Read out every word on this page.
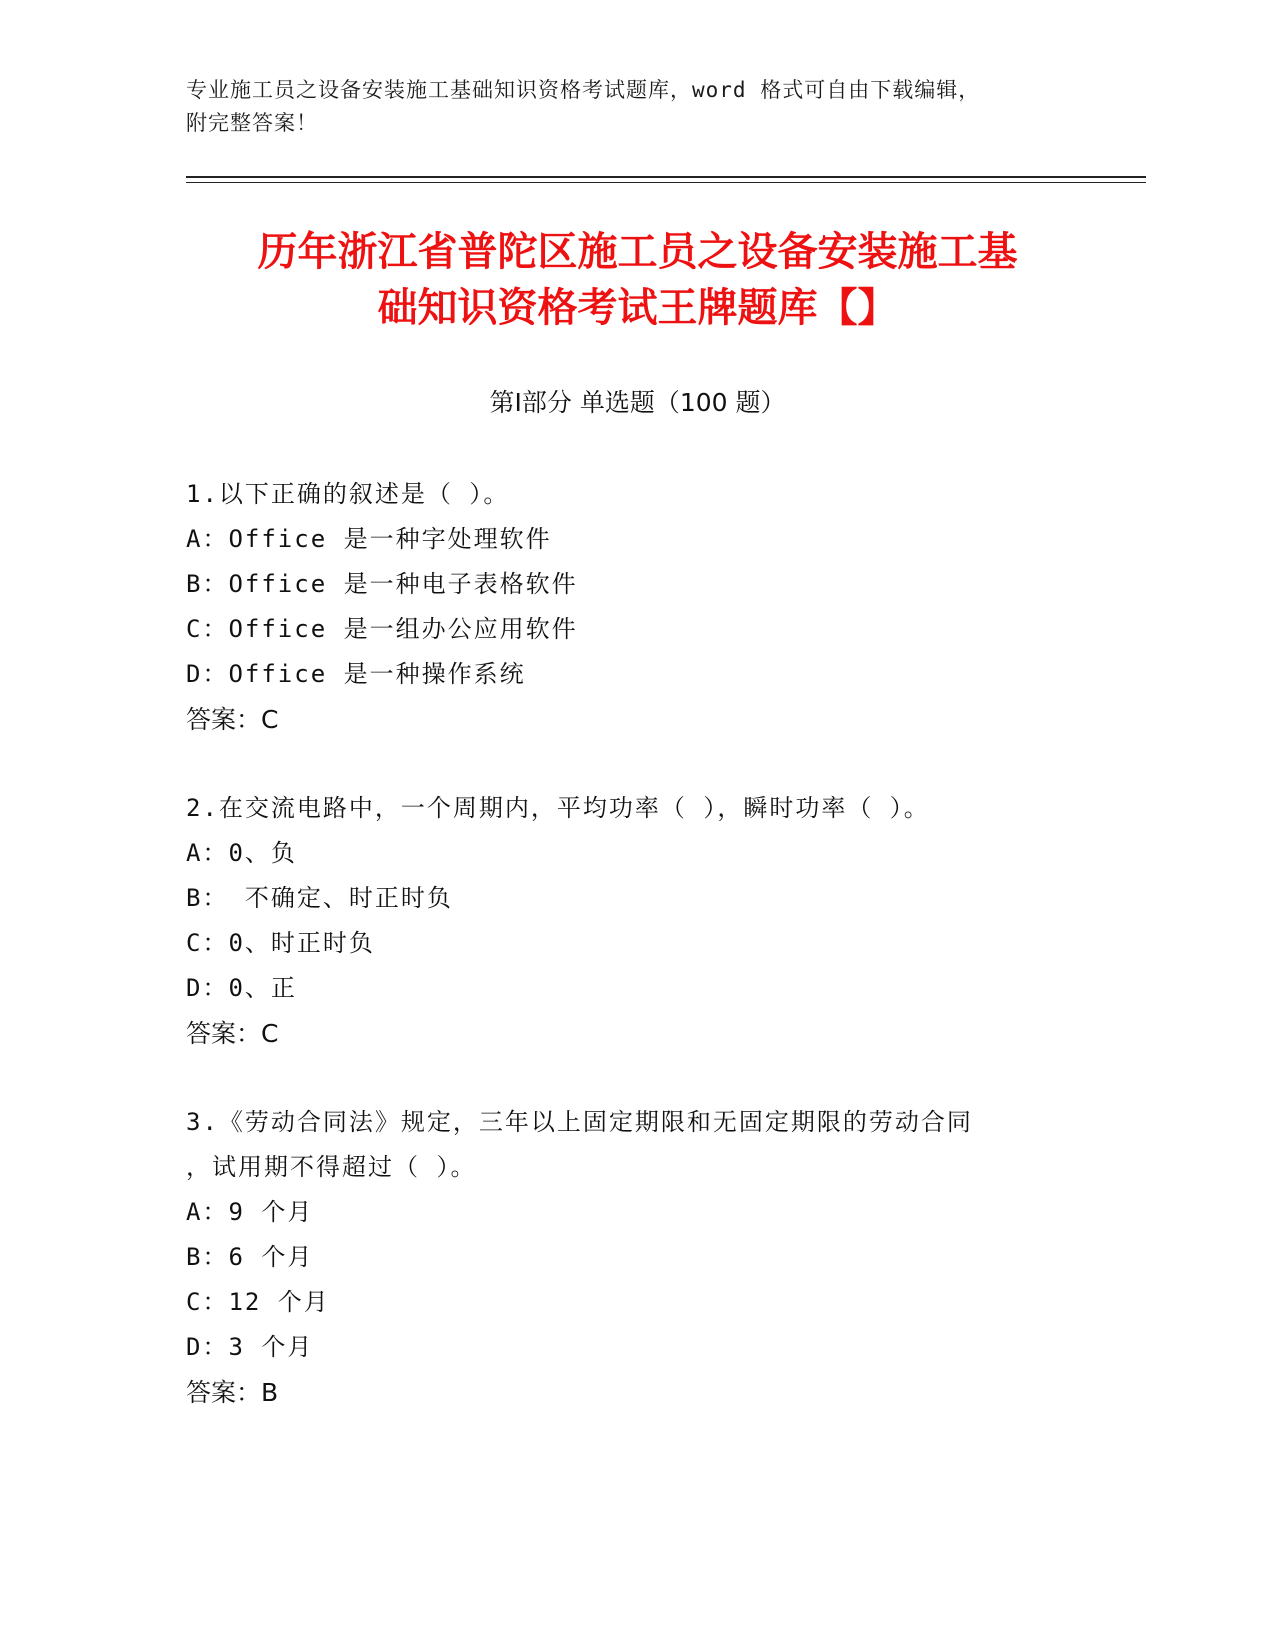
专业施工员之设备安装施工基础知识资格考试题库，word 格式可自由下载编辑，
附完整答案！
历年浙江省普陀区施工员之设备安装施工基
础知识资格考试王牌题库【】
第Ⅰ部分 单选题（100 题）
1.以下正确的叙述是（ ）。
A：Office 是一种字处理软件
B：Office 是一种电子表格软件
C：Office 是一组办公应用软件
D：Office 是一种操作系统
答案：C
2.在交流电路中，一个周期内，平均功率（ ），瞬时功率（ ）。
A：0、负
B： 不确定、时正时负
C：0、时正时负
D：0、正
答案：C
3.《劳动合同法》规定，三年以上固定期限和无固定期限的劳动合同
，试用期不得超过（ ）。
A：9 个月
B：6 个月
C：12 个月
D：3 个月
答案：B
